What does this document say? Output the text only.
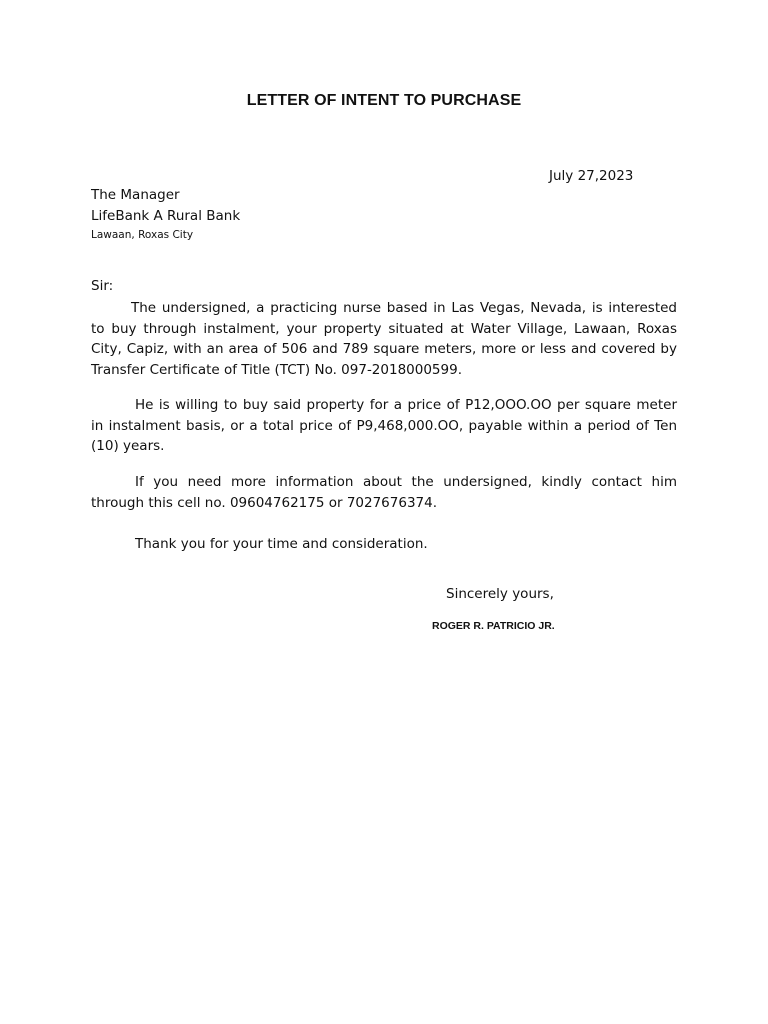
LETTER OF INTENT TO PURCHASE
July 27,2023
The Manager
LifeBank A Rural Bank
Lawaan, Roxas City
Sir:

The undersigned, a practicing nurse based in Las Vegas, Nevada, is interested to buy through instalment, your property situated at Water Village, Lawaan, Roxas City, Capiz, with an area of 506 and 789 square meters, more or less and covered by Transfer Certificate of Title (TCT) No. 097-2018000599.

He is willing to buy said property for a price of P12,OOO.OO per square meter in instalment basis, or a total price of P9,468,000.OO, payable within a period of Ten (10) years.

If you need more information about the undersigned, kindly contact him through this cell no. 09604762175 or 7027676374.

Thank you for your time and consideration.

Sincerely yours,
ROGER R. PATRICIO JR.
